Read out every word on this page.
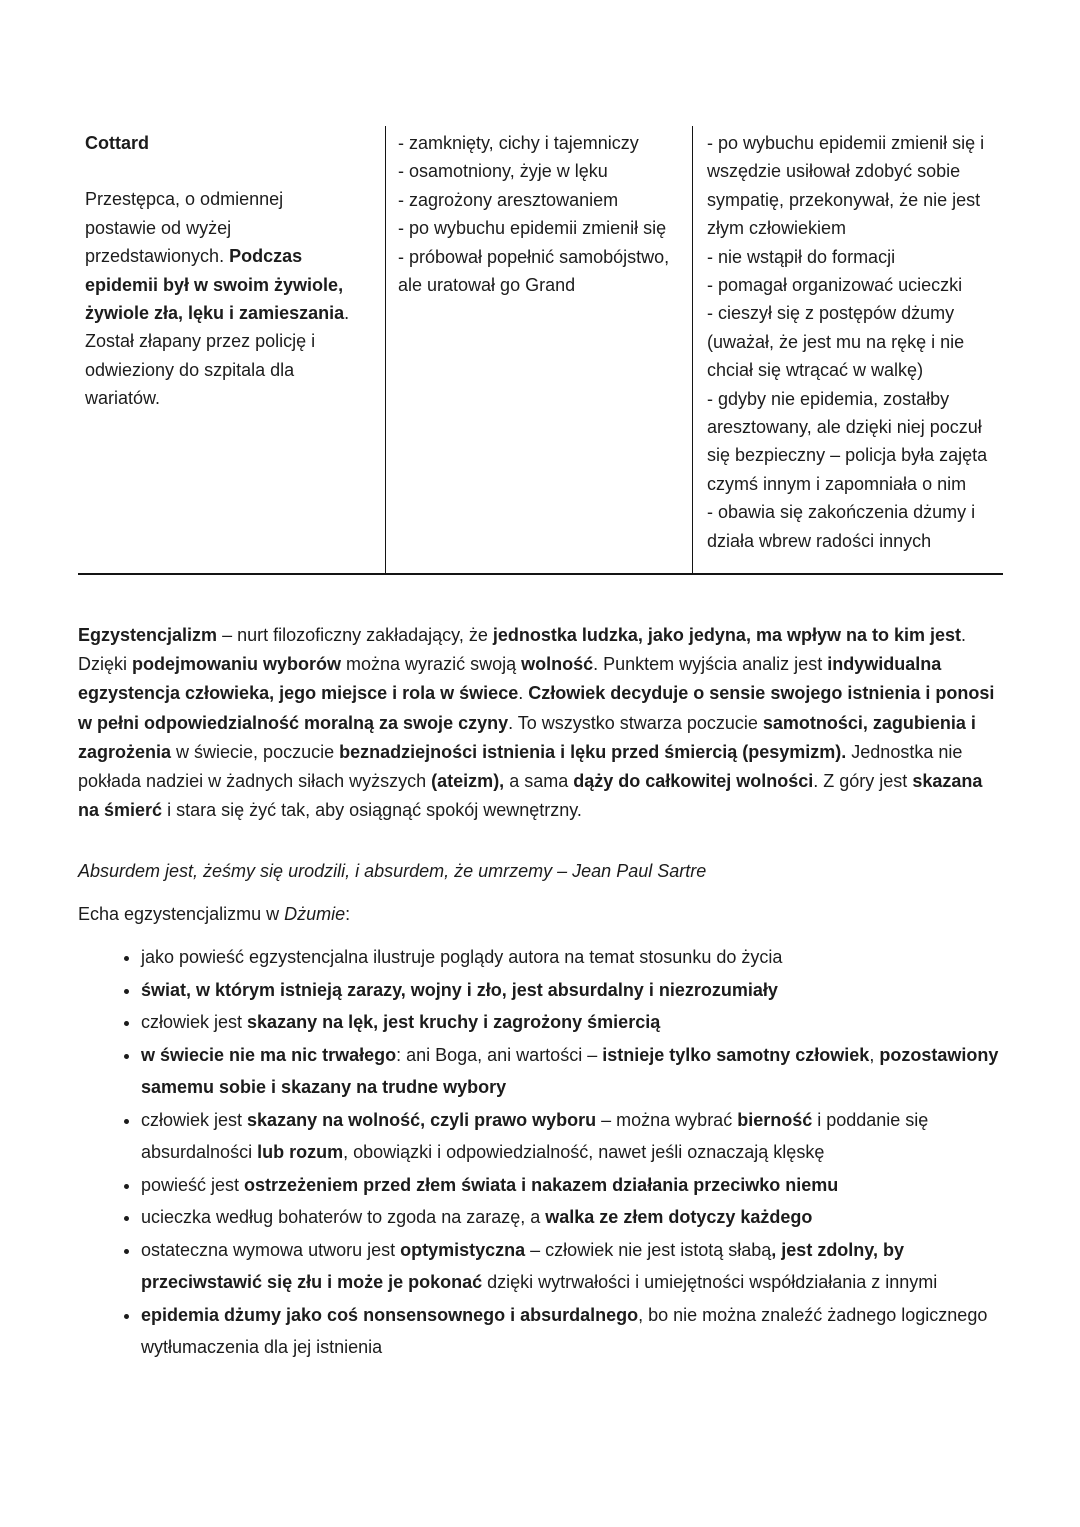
Cottard

Przestępca, o odmiennej postawie od wyżej przedstawionych. Podczas epidemii był w swoim żywiole, żywiole zła, lęku i zamieszania. Został złapany przez policję i odwieziony do szpitala dla wariatów.

- zamknięty, cichy i tajemniczy
- osamotniony, żyje w lęku
- zagrożony aresztowaniem
- po wybuchu epidemii zmienił się
- próbował popełnić samobójstwo, ale uratował go Grand
- po wybuchu epidemii zmienił się i wszędzie usiłował zdobyć sobie sympatię, przekonywał, że nie jest złym człowiekiem
- nie wstąpił do formacji
- pomagał organizować ucieczki
- cieszył się z postępów dżumy (uważał, że jest mu na rękę i nie chciał się wtrącać w walkę)
- gdyby nie epidemia, zostałby aresztowany, ale dzięki niej poczuł się bezpieczny – policja była zajęta czymś innym i zapomniała o nim
- obawia się zakończenia dżumy i działa wbrew radości innych

Egzystencjalizm – nurt filozoficzny zakładający, że jednostka ludzka, jako jedyna, ma wpływ na to kim jest. Dzięki podejmowaniu wyborów można wyrazić swoją wolność. Punktem wyjścia analiz jest indywidualna egzystencja człowieka, jego miejsce i rola w świece. Człowiek decyduje o sensie swojego istnienia i ponosi w pełni odpowiedzialność moralną za swoje czyny. To wszystko stwarza poczucie samotności, zagubienia i zagrożenia w świecie, poczucie beznadziejności istnienia i lęku przed śmiercią (pesymizm). Jednostka nie pokłada nadziei w żadnych siłach wyższych (ateizm), a sama dąży do całkowitej wolności. Z góry jest skazana na śmierć i stara się żyć tak, aby osiągnąć spokój wewnętrzny.

Absurdem jest, żeśmy się urodzili, i absurdem, że umrzemy – Jean Paul Sartre

Echa egzystencjalizmu w Dżumie:

• jako powieść egzystencjalna ilustruje poglądy autora na temat stosunku do życia
• świat, w którym istnieją zarazy, wojny i zło, jest absurdalny i niezrozumiały
• człowiek jest skazany na lęk, jest kruchy i zagrożony śmiercią
• w świecie nie ma nic trwałego: ani Boga, ani wartości – istnieje tylko samotny człowiek, pozostawiony samemu sobie i skazany na trudne wybory
• człowiek jest skazany na wolność, czyli prawo wyboru – można wybrać bierność i poddanie się absurdalności lub rozum, obowiązki i odpowiedzialność, nawet jeśli oznaczają klęskę
• powieść jest ostrzeżeniem przed złem świata i nakazem działania przeciwko niemu
• ucieczka według bohaterów to zgoda na zarazę, a walka ze złem dotyczy każdego
• ostateczna wymowa utworu jest optymistyczna – człowiek nie jest istotą słabą, jest zdolny, by przeciwstawić się złu i może je pokonać dzięki wytrwałości i umiejętności współdziałania z innymi
• epidemia dżumy jako coś nonsensownego i absurdalnego, bo nie można znaleźć żadnego logicznego wytłumaczenia dla jej istnienia
